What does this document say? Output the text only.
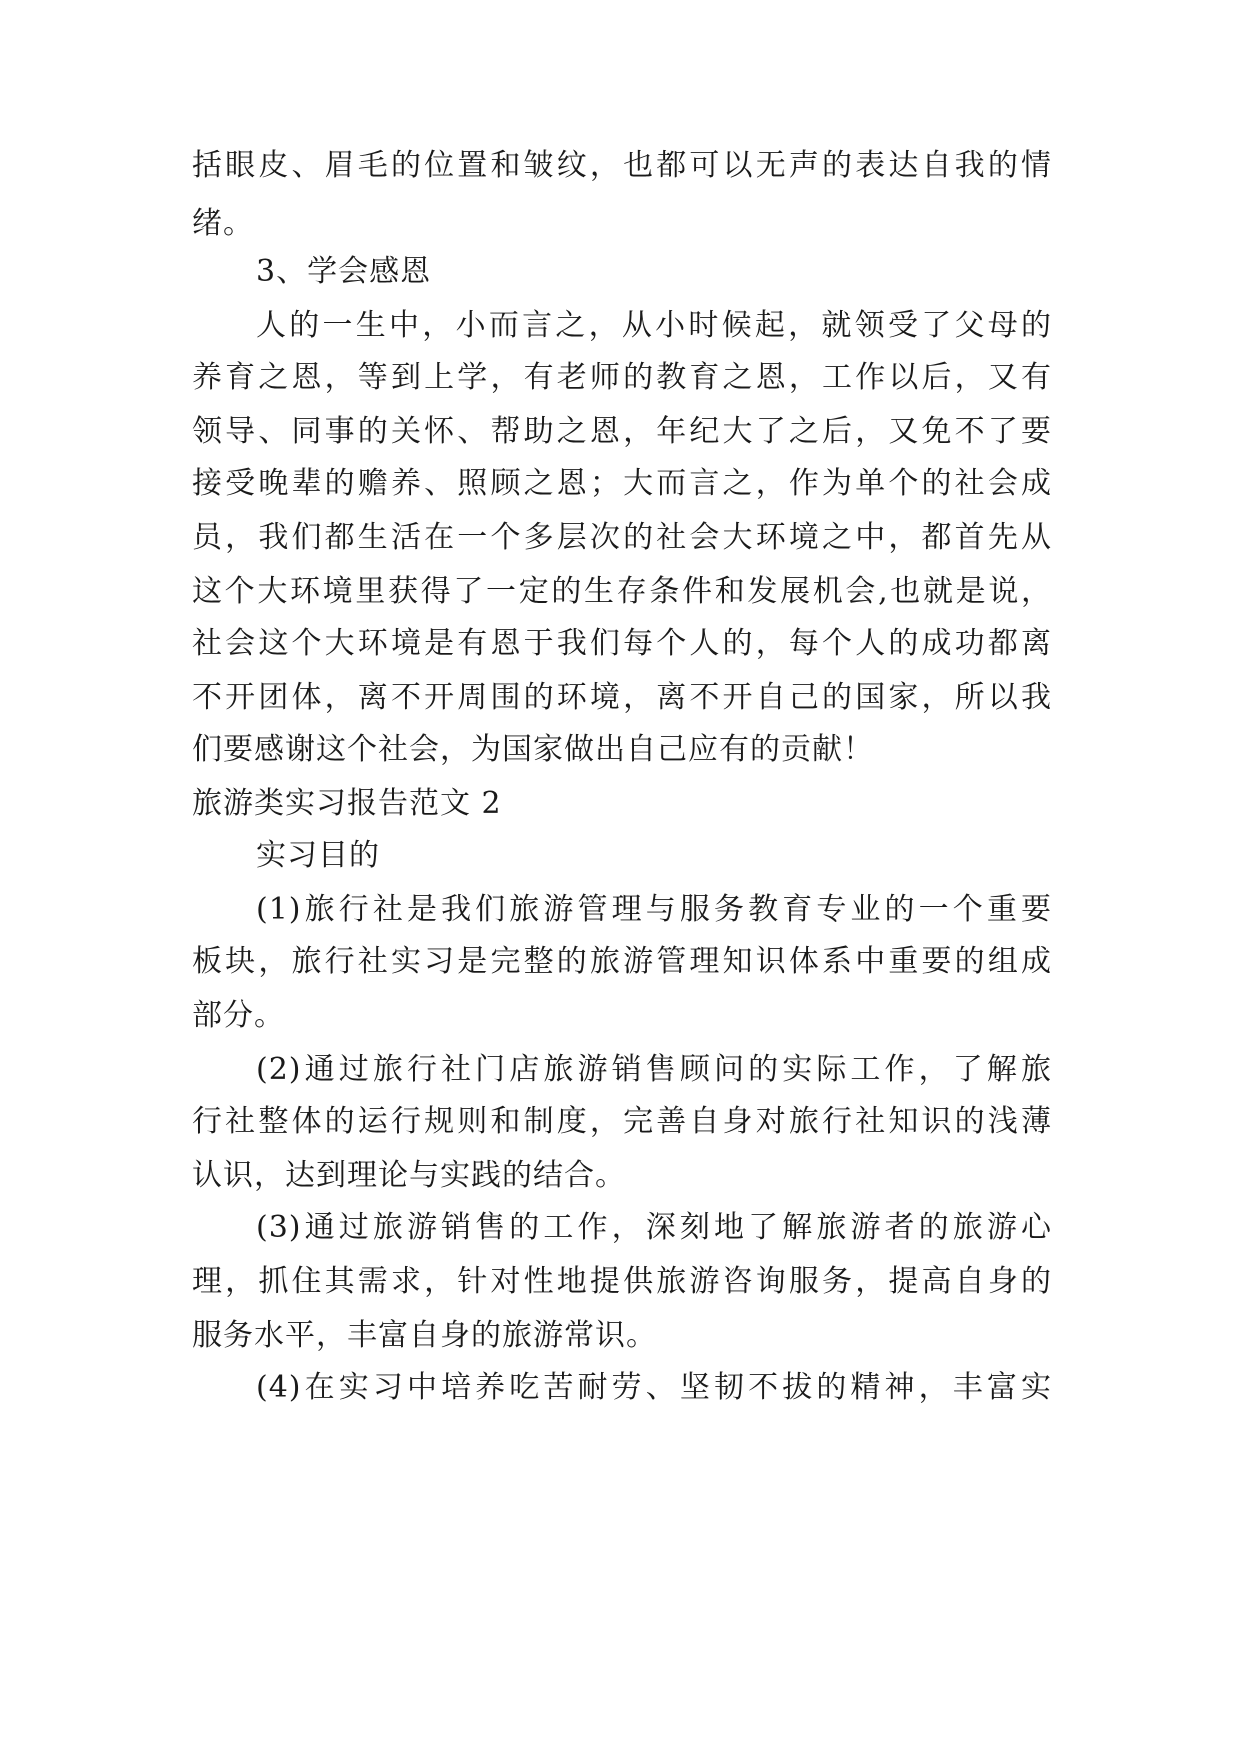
括眼皮、眉毛的位置和皱纹，也都可以无声的表达自我的情
绪。
3、学会感恩
人的一生中，小而言之，从小时候起，就领受了父母的
养育之恩，等到上学，有老师的教育之恩，工作以后，又有
领导、同事的关怀、帮助之恩，年纪大了之后，又免不了要
接受晚辈的赡养、照顾之恩；大而言之，作为单个的社会成
员，我们都生活在一个多层次的社会大环境之中，都首先从
这个大环境里获得了一定的生存条件和发展机会,也就是说，
社会这个大环境是有恩于我们每个人的，每个人的成功都离
不开团体，离不开周围的环境，离不开自己的国家，所以我
们要感谢这个社会，为国家做出自己应有的贡献！
旅游类实习报告范文 2
实习目的
(1)旅行社是我们旅游管理与服务教育专业的一个重要
板块，旅行社实习是完整的旅游管理知识体系中重要的组成
部分。
(2)通过旅行社门店旅游销售顾问的实际工作，了解旅
行社整体的运行规则和制度，完善自身对旅行社知识的浅薄
认识，达到理论与实践的结合。
(3)通过旅游销售的工作，深刻地了解旅游者的旅游心
理，抓住其需求，针对性地提供旅游咨询服务，提高自身的
服务水平，丰富自身的旅游常识。
(4)在实习中培养吃苦耐劳、坚韧不拔的精神，丰富实
